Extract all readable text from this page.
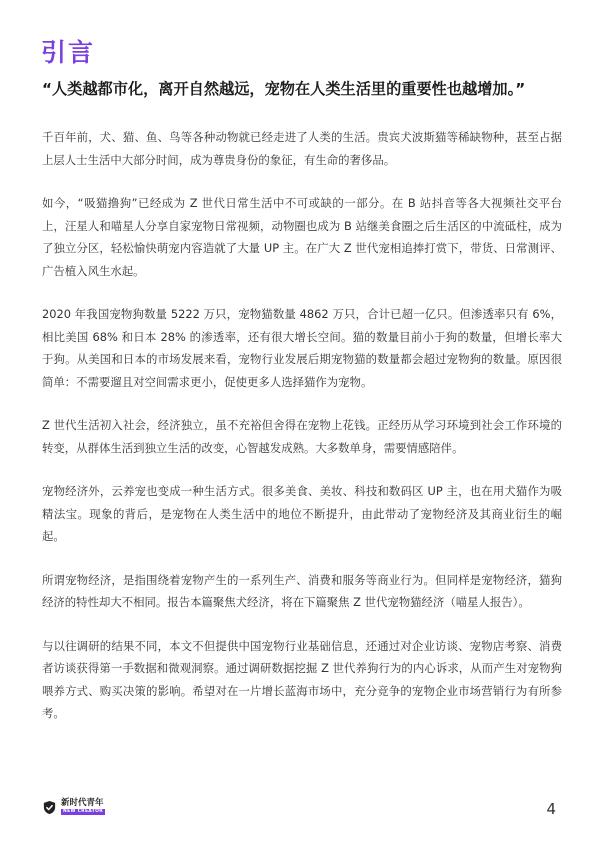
引言

“人类越都市化，离开自然越远，宠物在人类生活里的重要性也越增加。”

千百年前，犬、猫、鱼、鸟等各种动物就已经走进了人类的生活。贵宾犬波斯猫等稀缺物种，甚至占据上层人士生活中大部分时间，成为尊贵身份的象征，有生命的奢侈品。

如今，“吸猫撸狗”已经成为 Z 世代日常生活中不可或缺的一部分。在 B 站抖音等各大视频社交平台上，汪星人和喵星人分享自家宠物日常视频，动物圈也成为 B 站继美食圈之后生活区的中流砥柱，成为了独立分区，轻松愉快萌宠内容造就了大量 UP 主。在广大 Z 世代宠相追捧打赏下，带货、日常测评、广告植入风生水起。

2020 年我国宠物狗数量 5222 万只，宠物猫数量 4862 万只，合计已超一亿只。但渗透率只有 6%，相比美国 68% 和日本 28% 的渗透率，还有很大增长空间。猫的数量目前小于狗的数量，但增长率大于狗。从美国和日本的市场发展来看，宠物行业发展后期宠物猫的数量都会超过宠物狗的数量。原因很简单：不需要遛且对空间需求更小，促使更多人选择猫作为宠物。

Z 世代生活初入社会，经济独立，虽不充裕但舍得在宠物上花钱。正经历从学习环境到社会工作环境的转变，从群体生活到独立生活的改变，心智越发成熟。大多数单身，需要情感陪伴。

宠物经济外，云养宠也变成一种生活方式。很多美食、美妆、科技和数码区 UP 主，也在用犬猫作为吸精法宝。现象的背后，是宠物在人类生活中的地位不断提升，由此带动了宠物经济及其商业衍生的崛起。

所谓宠物经济，是指围绕着宠物产生的一系列生产、消费和服务等商业行为。但同样是宠物经济，猫狗经济的特性却大不相同。报告本篇聚焦犬经济，将在下篇聚焦 Z 世代宠物猫经济（喵星人报告）。

与以往调研的结果不同，本文不但提供中国宠物行业基础信息，还通过对企业访谈、宠物店考察、消费者访谈获得第一手数据和微观洞察。通过调研数据挖掘 Z 世代养狗行为的内心诉求，从而产生对宠物狗喂养方式、购买决策的影响。希望对在一片增长蓝海市场中，充分竞争的宠物企业市场营销行为有所参考。

新时代青年
NEW CREATOR	4
